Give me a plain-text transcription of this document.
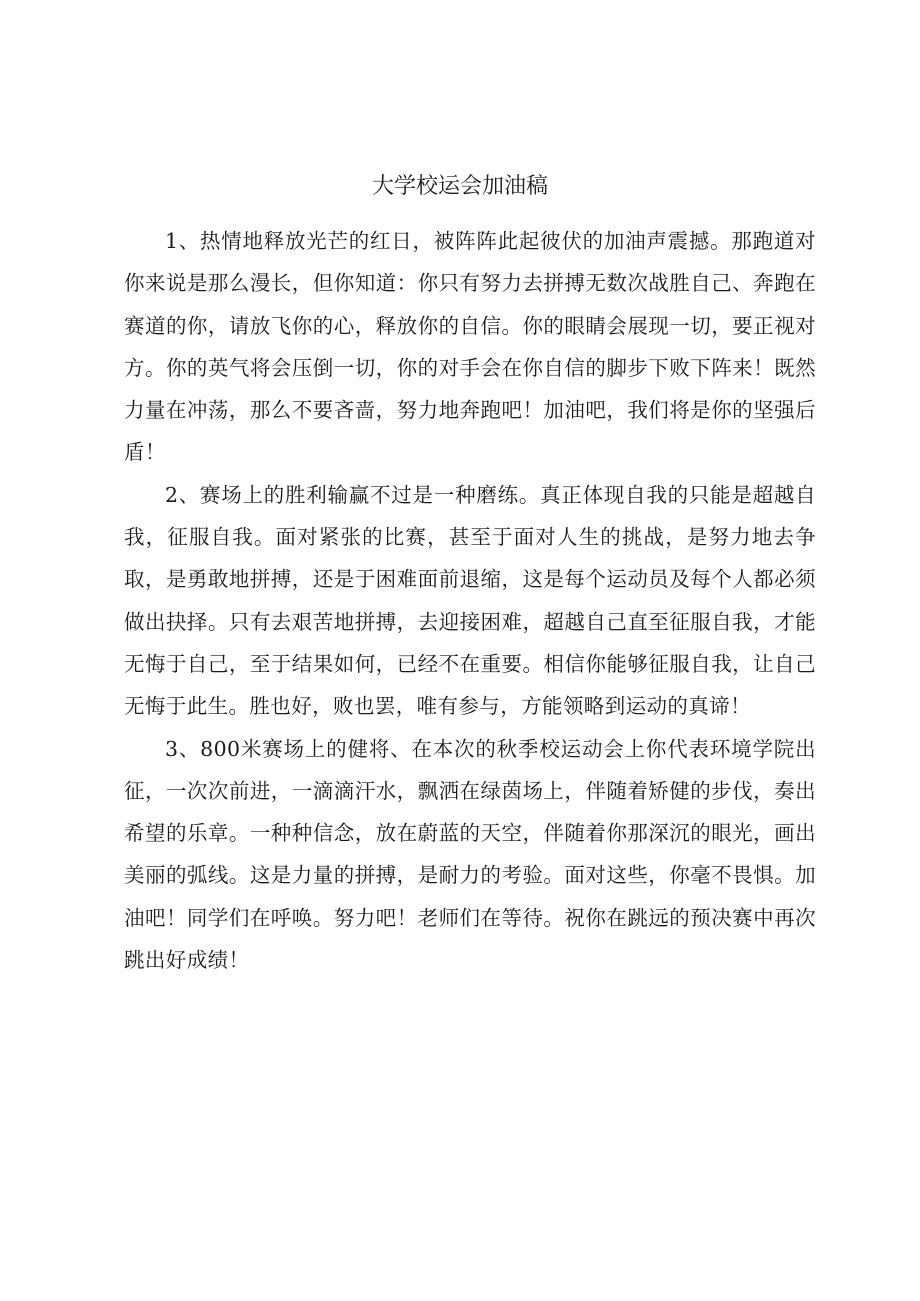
大学校运会加油稿

1、热情地释放光芒的红日，被阵阵此起彼伏的加油声震撼。那跑道对你来说是那么漫长，但你知道：你只有努力去拼搏无数次战胜自己、奔跑在赛道的你，请放飞你的心，释放你的自信。你的眼睛会展现一切，要正视对方。你的英气将会压倒一切，你的对手会在你自信的脚步下败下阵来！既然力量在冲荡，那么不要吝啬，努力地奔跑吧！加油吧，我们将是你的坚强后盾！

2、赛场上的胜利输赢不过是一种磨练。真正体现自我的只能是超越自我，征服自我。面对紧张的比赛，甚至于面对人生的挑战，是努力地去争取，是勇敢地拼搏，还是于困难面前退缩，这是每个运动员及每个人都必须做出抉择。只有去艰苦地拼搏，去迎接困难，超越自己直至征服自我，才能无悔于自己，至于结果如何，已经不在重要。相信你能够征服自我，让自己无悔于此生。胜也好，败也罢，唯有参与，方能领略到运动的真谛！

3、800米赛场上的健将、在本次的秋季校运动会上你代表环境学院出征，一次次前进，一滴滴汗水，飘洒在绿茵场上，伴随着矫健的步伐，奏出希望的乐章。一种种信念，放在蔚蓝的天空，伴随着你那深沉的眼光，画出美丽的弧线。这是力量的拼搏，是耐力的考验。面对这些，你毫不畏惧。加油吧！同学们在呼唤。努力吧！老师们在等待。祝你在跳远的预决赛中再次跳出好成绩！
